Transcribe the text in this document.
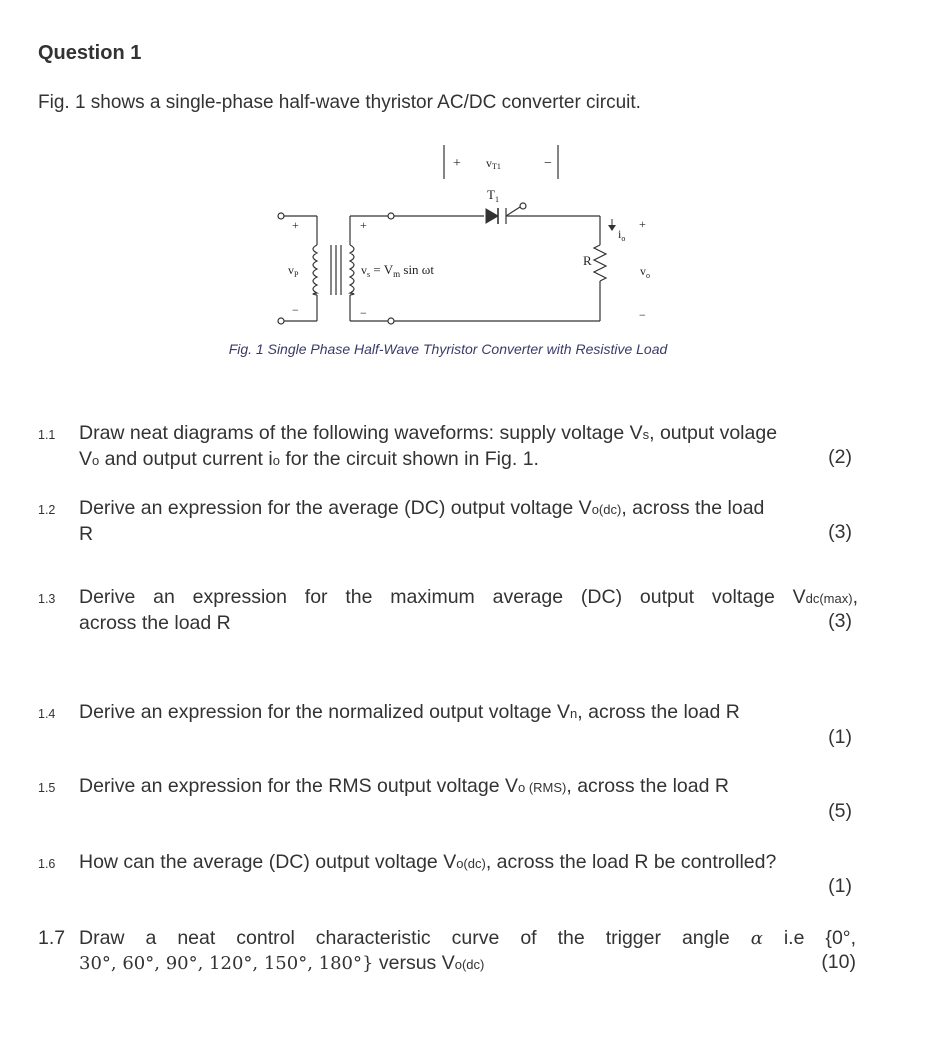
Question 1
Fig. 1 shows a single-phase half-wave thyristor AC/DC converter circuit.
+ vT1	−
$T_1$
$i_o$
R
$v_P$	$v_s = V_m$ sin ωt	$v_o$
+	+	+
−	−	−
Fig. 1 Single Phase Half-Wave Thyristor Converter with Resistive Load
1.1 Draw neat diagrams of the following waveforms: supply voltage Vs, output volage
Vo and output current io for the circuit shown in Fig. 1.	(2)
1.2 Derive an expression for the average (DC) output voltage Vo(dc), across the load
R	(3)
1.3 Derive an expression for the maximum average (DC) output voltage Vdc(max),
across the load R	(3)
1.4 Derive an expression for the normalized output voltage Vn, across the load R
(1)
1.5 Derive an expression for the RMS output voltage Vo (RMS), across the load R
(5)
1.6 How can the average (DC) output voltage Vo(dc), across the load R be controlled?
(1)
1.7 Draw a neat control characteristic curve of the trigger angle α i.e {0°,
30°, 60°, 90°, 120°, 150°, 180°} versus Vo(dc)	(10)
